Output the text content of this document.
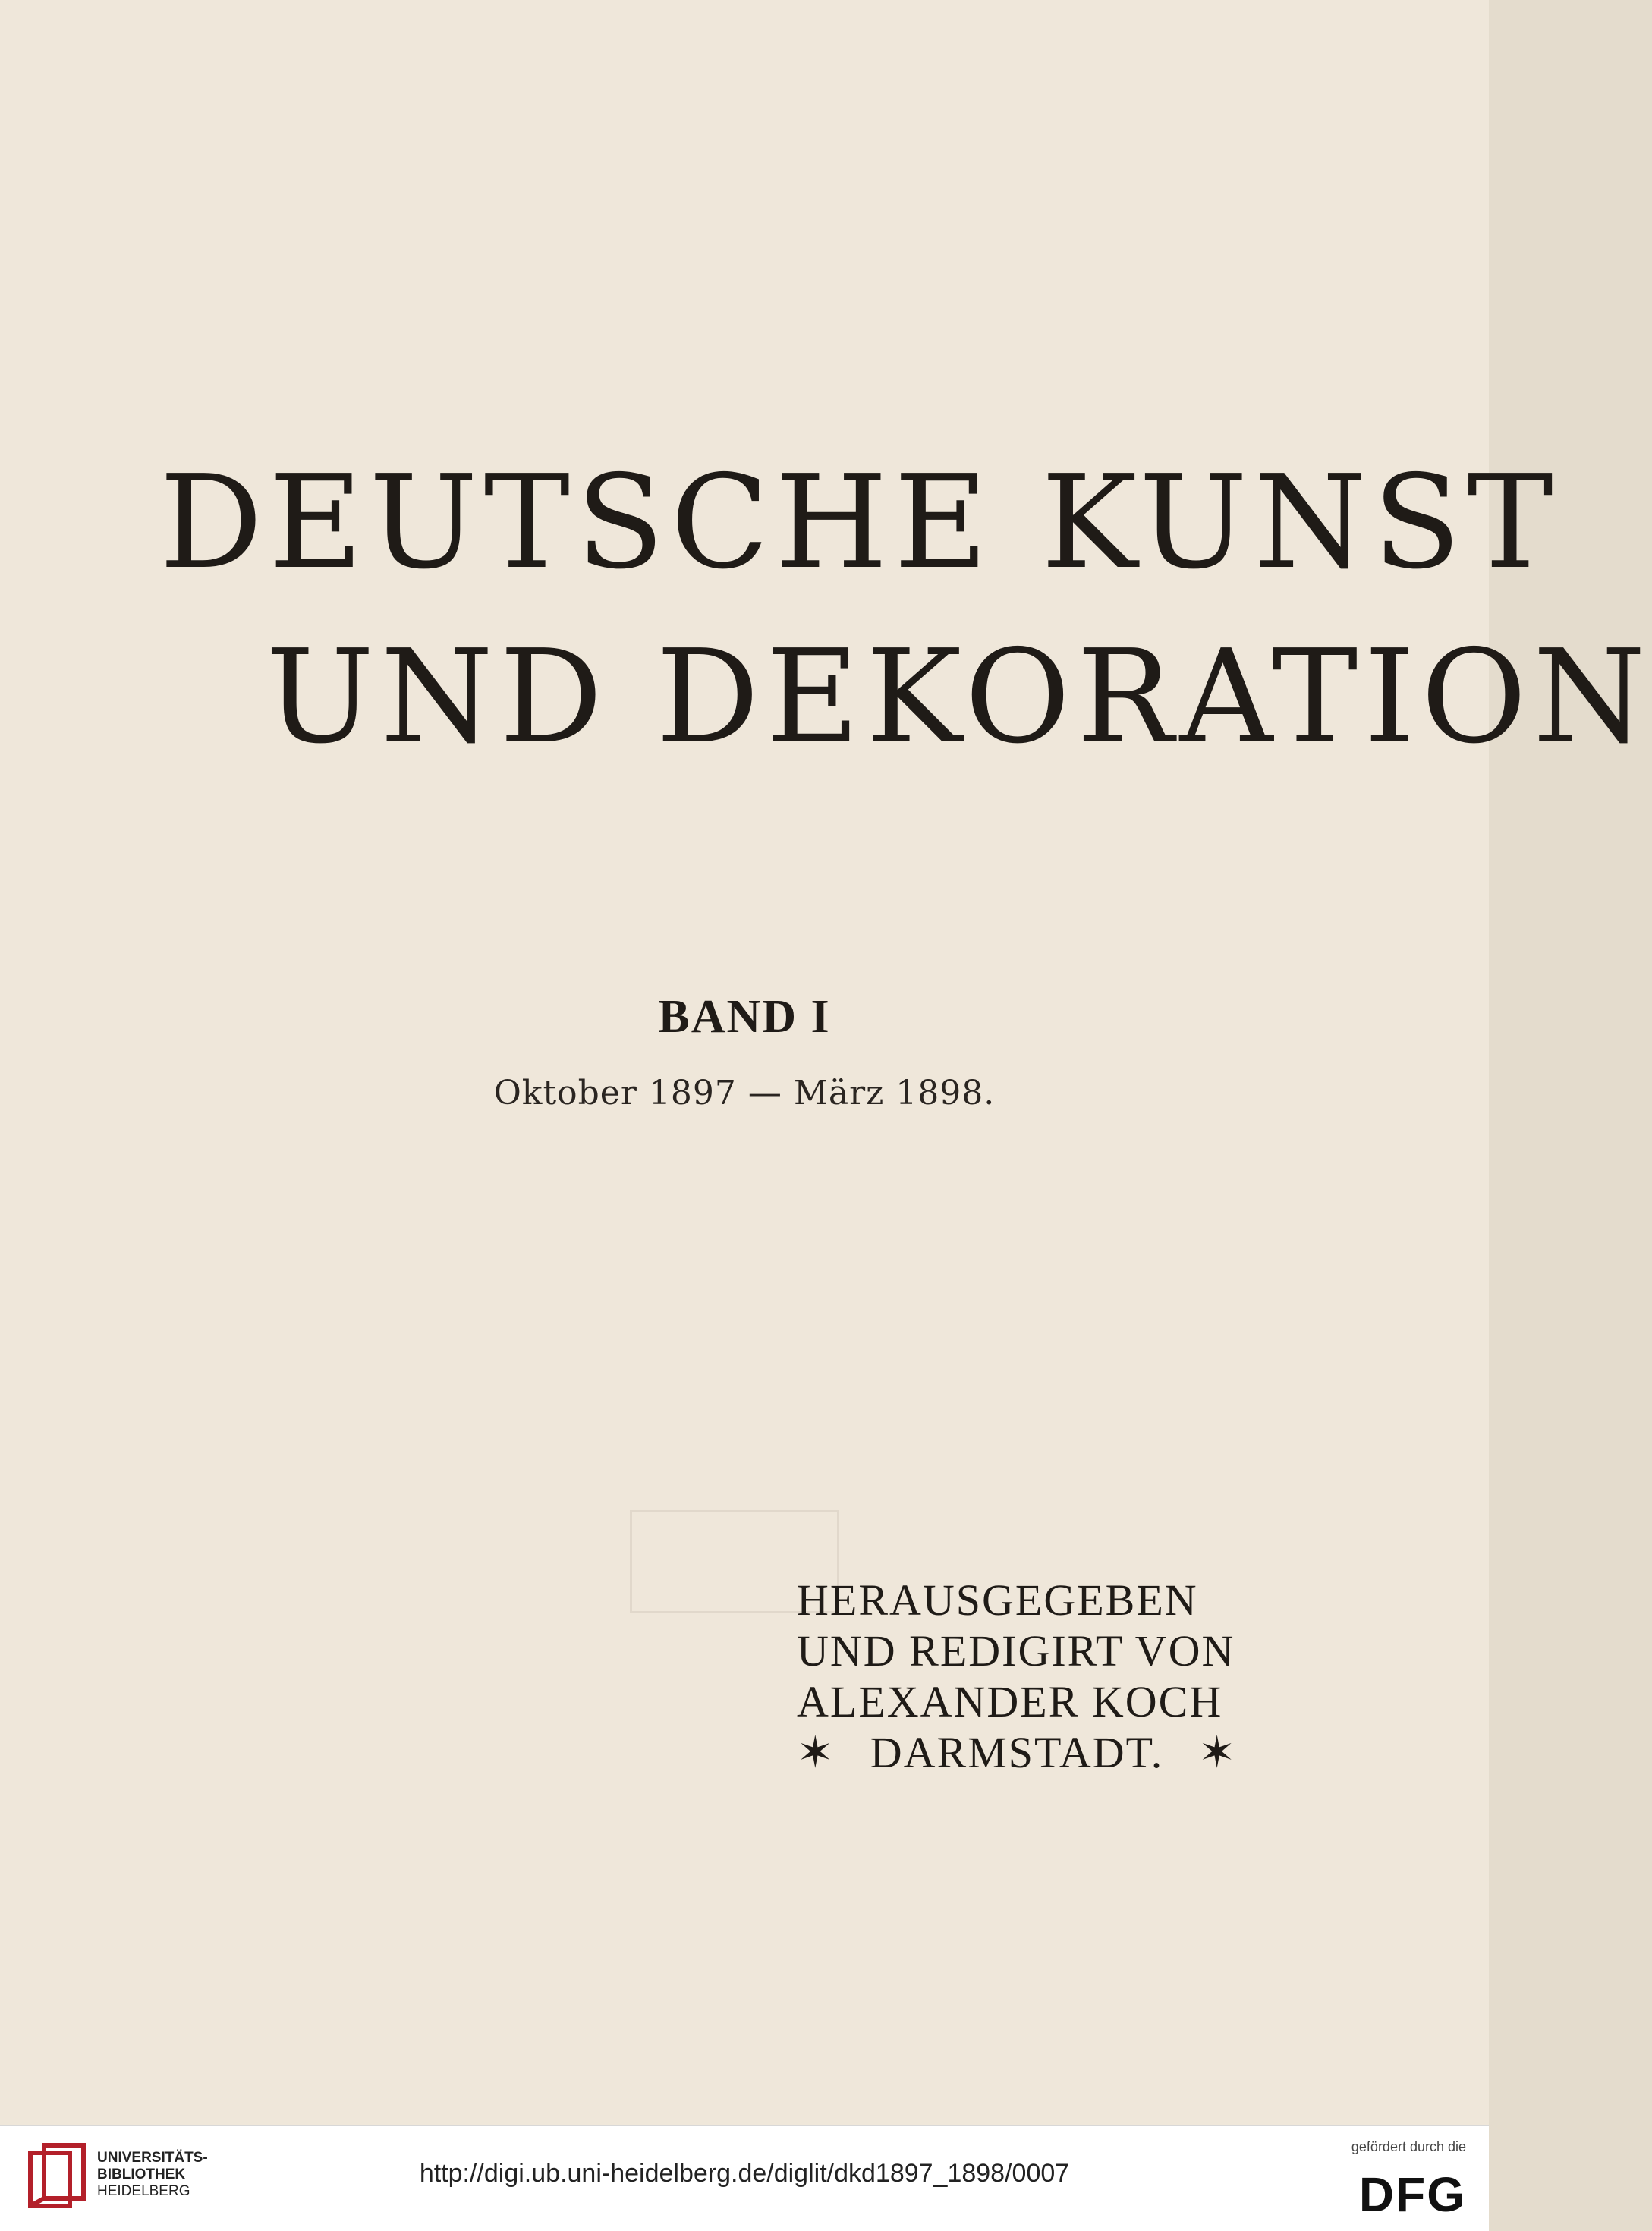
DEUTSCHE KUNST
UND DEKORATION
BAND I
Oktober 1897 — März 1898.
HERAUSGEGEBEN
UND REDIGIRT VON
ALEXANDER KOCH
✶ DARMSTADT. ✶
UNIVERSITÄTS-
BIBLIOTHEK
HEIDELBERG
http://digi.ub.uni-heidelberg.de/diglit/dkd1897_1898/0007
gefördert durch die
DFG
